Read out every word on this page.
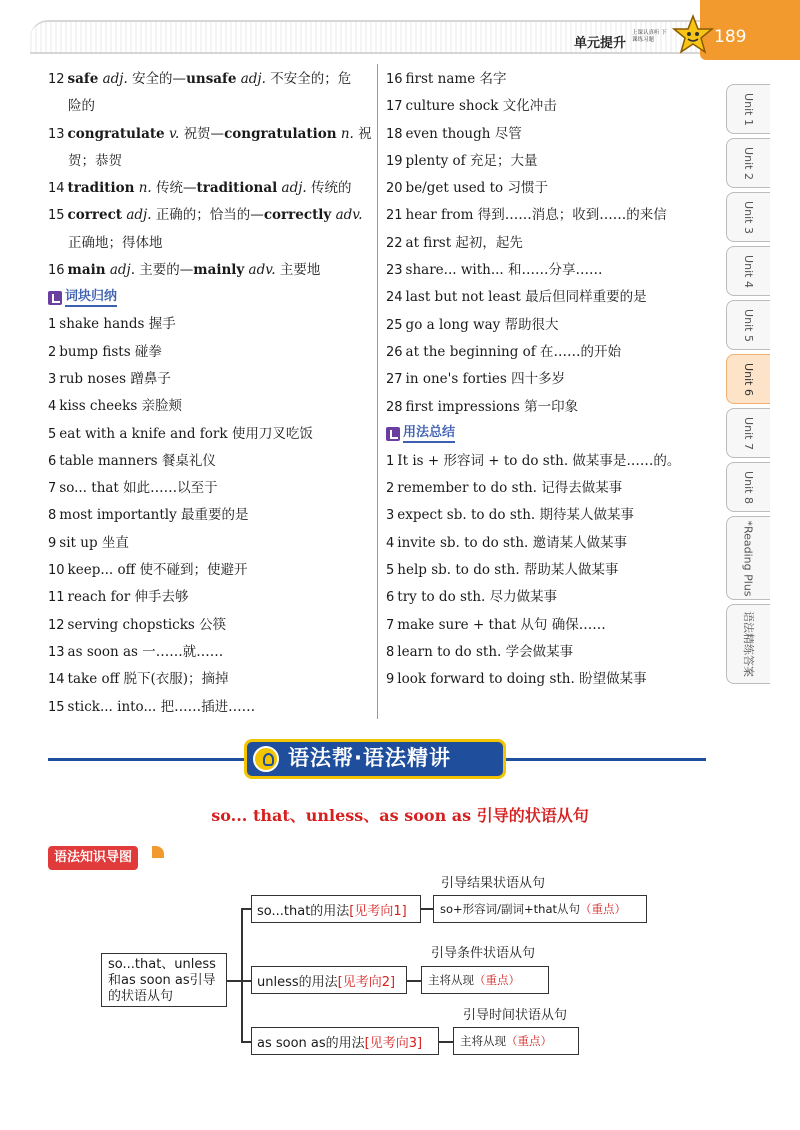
单元提升
上课认真听 下课练习题	189
12 safe adj. 安全的—unsafe adj. 不安全的；危
险的
13 congratulate v. 祝贺—congratulation n. 祝
贺；恭贺
14 tradition n. 传统—traditional adj. 传统的
15 correct adj. 正确的；恰当的—correctly adv.
正确地；得体地
16 main adj. 主要的—mainly adv. 主要地
词块归纳
1 shake hands 握手
2 bump fists 碰拳
3 rub noses 蹭鼻子
4 kiss cheeks 亲脸颊
5 eat with a knife and fork 使用刀叉吃饭
6 table manners 餐桌礼仪
7 so... that 如此……以至于
8 most importantly 最重要的是
9 sit up 坐直
10 keep... off 使不碰到；使避开
11 reach for 伸手去够
12 serving chopsticks 公筷
13 as soon as 一……就……
14 take off 脱下(衣服)；摘掉
15 stick... into... 把……插进……
16 first name 名字
17 culture shock 文化冲击
18 even though 尽管
19 plenty of 充足；大量
20 be/get used to 习惯于
21 hear from 得到……消息；收到……的来信
22 at first 起初，起先
23 share... with... 和……分享……
24 last but not least 最后但同样重要的是
25 go a long way 帮助很大
26 at the beginning of 在……的开始
27 in one's forties 四十多岁
28 first impressions 第一印象
用法总结
1 It is + 形容词 + to do sth. 做某事是……的。
2 remember to do sth. 记得去做某事
3 expect sb. to do sth. 期待某人做某事
4 invite sb. to do sth. 邀请某人做某事
5 help sb. to do sth. 帮助某人做某事
6 try to do sth. 尽力做某事
7 make sure + that 从句 确保……
8 learn to do sth. 学会做某事
9 look forward to doing sth. 盼望做某事
Unit 1
Unit 2
Unit 3
Unit 4
Unit 5
Unit 6
Unit 7
Unit 8
*Reading Plus
语法精练答案
语法帮·语法精讲
so... that、unless、as soon as 引导的状语从句
语法知识导图
so...that、unless和as soon as引导的状语从句
so...that的用法[见考向1]
引导结果状语从句
so+形容词/副词+that从句（重点）
unless的用法[见考向2]
引导条件状语从句
主将从现（重点）
as soon as的用法[见考向3]
引导时间状语从句
主将从现（重点）
